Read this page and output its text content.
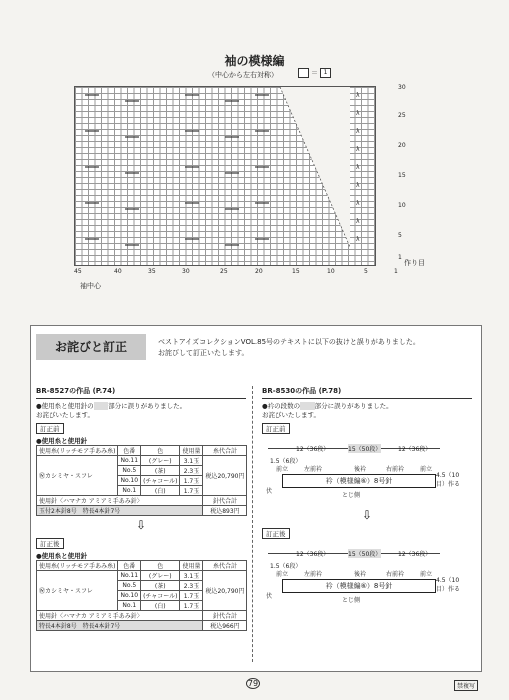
袖の模様編
（中心から左右対称）	＝ 1
λ
λ
λ
λ
λ
λ
λ
λ
λ
30
25
20
15
10
5
1
45	40	35	30	25	20	15	10	5	1
袖中心
作り目
お詫びと訂正	ベストアイズコレクションVOL.85号のテキストに以下の抜けと誤りがありました。
お詫びして訂正いたします。
BR-8527の作品 (P.74)
●使用糸と使用針の　 部分に誤りがありました。
お詫びいたします。
訂正前
●使用糸と使用針
使用糸(リッチモア手あみ糸)	色番	色	使用量	糸代合計
㊗カシミヤ・スフレ	No.11	(グレー)	3.1玉	税込20,790円
	No.5	(茶)	2.3玉	
	No.10	(チャコール)	1.7玉	
	No.1	(白)	1.7玉	
使用針〈ハマナカ アミアミ手あみ針〉				針代合計
玉付2本針8号　特長4本針7号				税込893円
⇩
訂正後
●使用糸と使用針
使用糸(リッチモア手あみ糸)	色番	色	使用量	糸代合計
㊗カシミヤ・スフレ	No.11	(グレー)	3.1玉	税込20,790円
	No.5	(茶)	2.3玉	
	No.10	(チャコール)	1.7玉	
	No.1	(白)	1.7玉	
使用針〈ハマナカ アミアミ手あみ針〉				針代合計
特長4本針8号　特長4本針7号				税込966円
BR-8530の作品 (P.78)
●衿の段数の　 部分に誤りがありました。
お詫びいたします。
訂正前
12（36段）	15（50段）	12（36段）
1.5（6段）
前立	左前衿	後衿	右前衿	前立
衿（模様編⑥）8号針
4.5（10目）作る
伏
とじ側
⇩
訂正後
12（36段）	15（50段）	12（36段）
1.5（6段）
前立	左前衿	後衿	右前衿	前立
衿（模様編⑥）8号針
4.5（10目）作る
伏
とじ側
79	禁複写
